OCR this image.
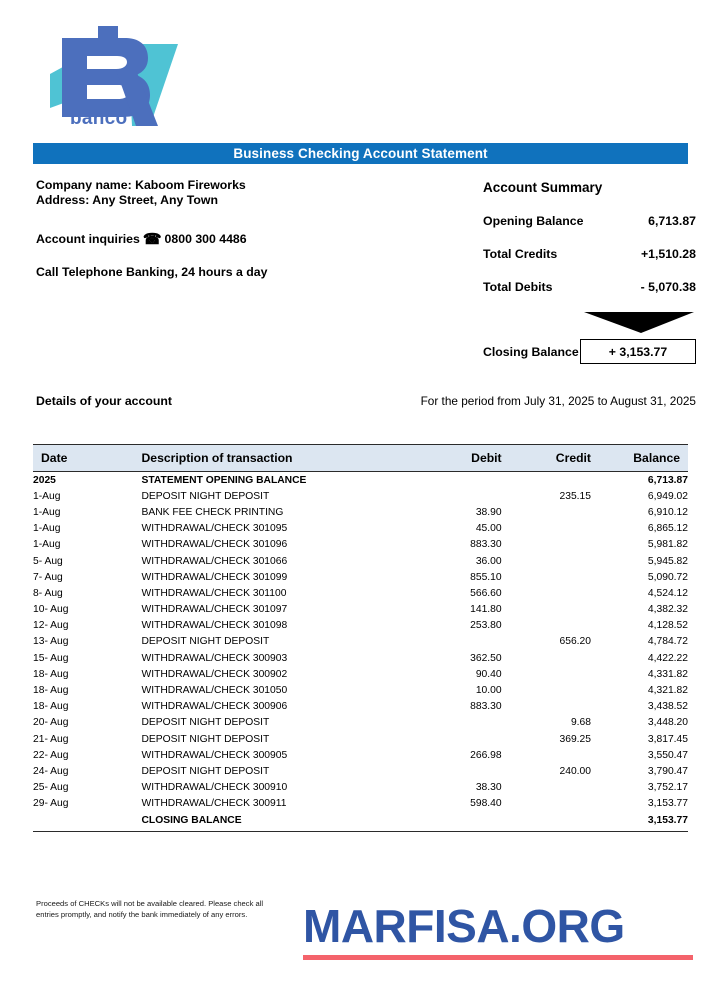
banco
Business Checking Account Statement
Company name: Kaboom Fireworks
Address: Any Street, Any Town
Account inquiries ☎ 0800 300 4486
Call Telephone Banking, 24 hours a day
Account Summary
Opening Balance	6,713.87
Total Credits	+1,510.28
Total Debits	- 5,070.38
Closing Balance + 3,153.77
Details of your account	For the period from July 31, 2025 to August 31, 2025
Date	Description of transaction	Debit	Credit	Balance
2025	STATEMENT OPENING BALANCE			6,713.87
1-Aug	DEPOSIT NIGHT DEPOSIT		235.15	6,949.02
1-Aug	BANK FEE CHECK PRINTING	38.90		6,910.12
1-Aug	WITHDRAWAL/CHECK 301095	45.00		6,865.12
1-Aug	WITHDRAWAL/CHECK 301096	883.30		5,981.82
5- Aug	WITHDRAWAL/CHECK 301066	36.00		5,945.82
7- Aug	WITHDRAWAL/CHECK 301099	855.10		5,090.72
8- Aug	WITHDRAWAL/CHECK 301100	566.60		4,524.12
10- Aug	WITHDRAWAL/CHECK 301097	141.80		4,382.32
12- Aug	WITHDRAWAL/CHECK 301098	253.80		4,128.52
13- Aug	DEPOSIT NIGHT DEPOSIT		656.20	4,784.72
15- Aug	WITHDRAWAL/CHECK 300903	362.50		4,422.22
18- Aug	WITHDRAWAL/CHECK 300902	90.40		4,331.82
18- Aug	WITHDRAWAL/CHECK 301050	10.00		4,321.82
18- Aug	WITHDRAWAL/CHECK 300906	883.30		3,438.52
20- Aug	DEPOSIT NIGHT DEPOSIT		9.68	3,448.20
21- Aug	DEPOSIT NIGHT DEPOSIT		369.25	3,817.45
22- Aug	WITHDRAWAL/CHECK 300905	266.98		3,550.47
24- Aug	DEPOSIT NIGHT DEPOSIT		240.00	3,790.47
25- Aug	WITHDRAWAL/CHECK 300910	38.30		3,752.17
29- Aug	WITHDRAWAL/CHECK 300911	598.40		3,153.77
	CLOSING BALANCE			3,153.77
Proceeds of CHECKs will not be available cleared. Please check all entries promptly, and notify the bank immediately of any errors.	MARFISA.ORG
